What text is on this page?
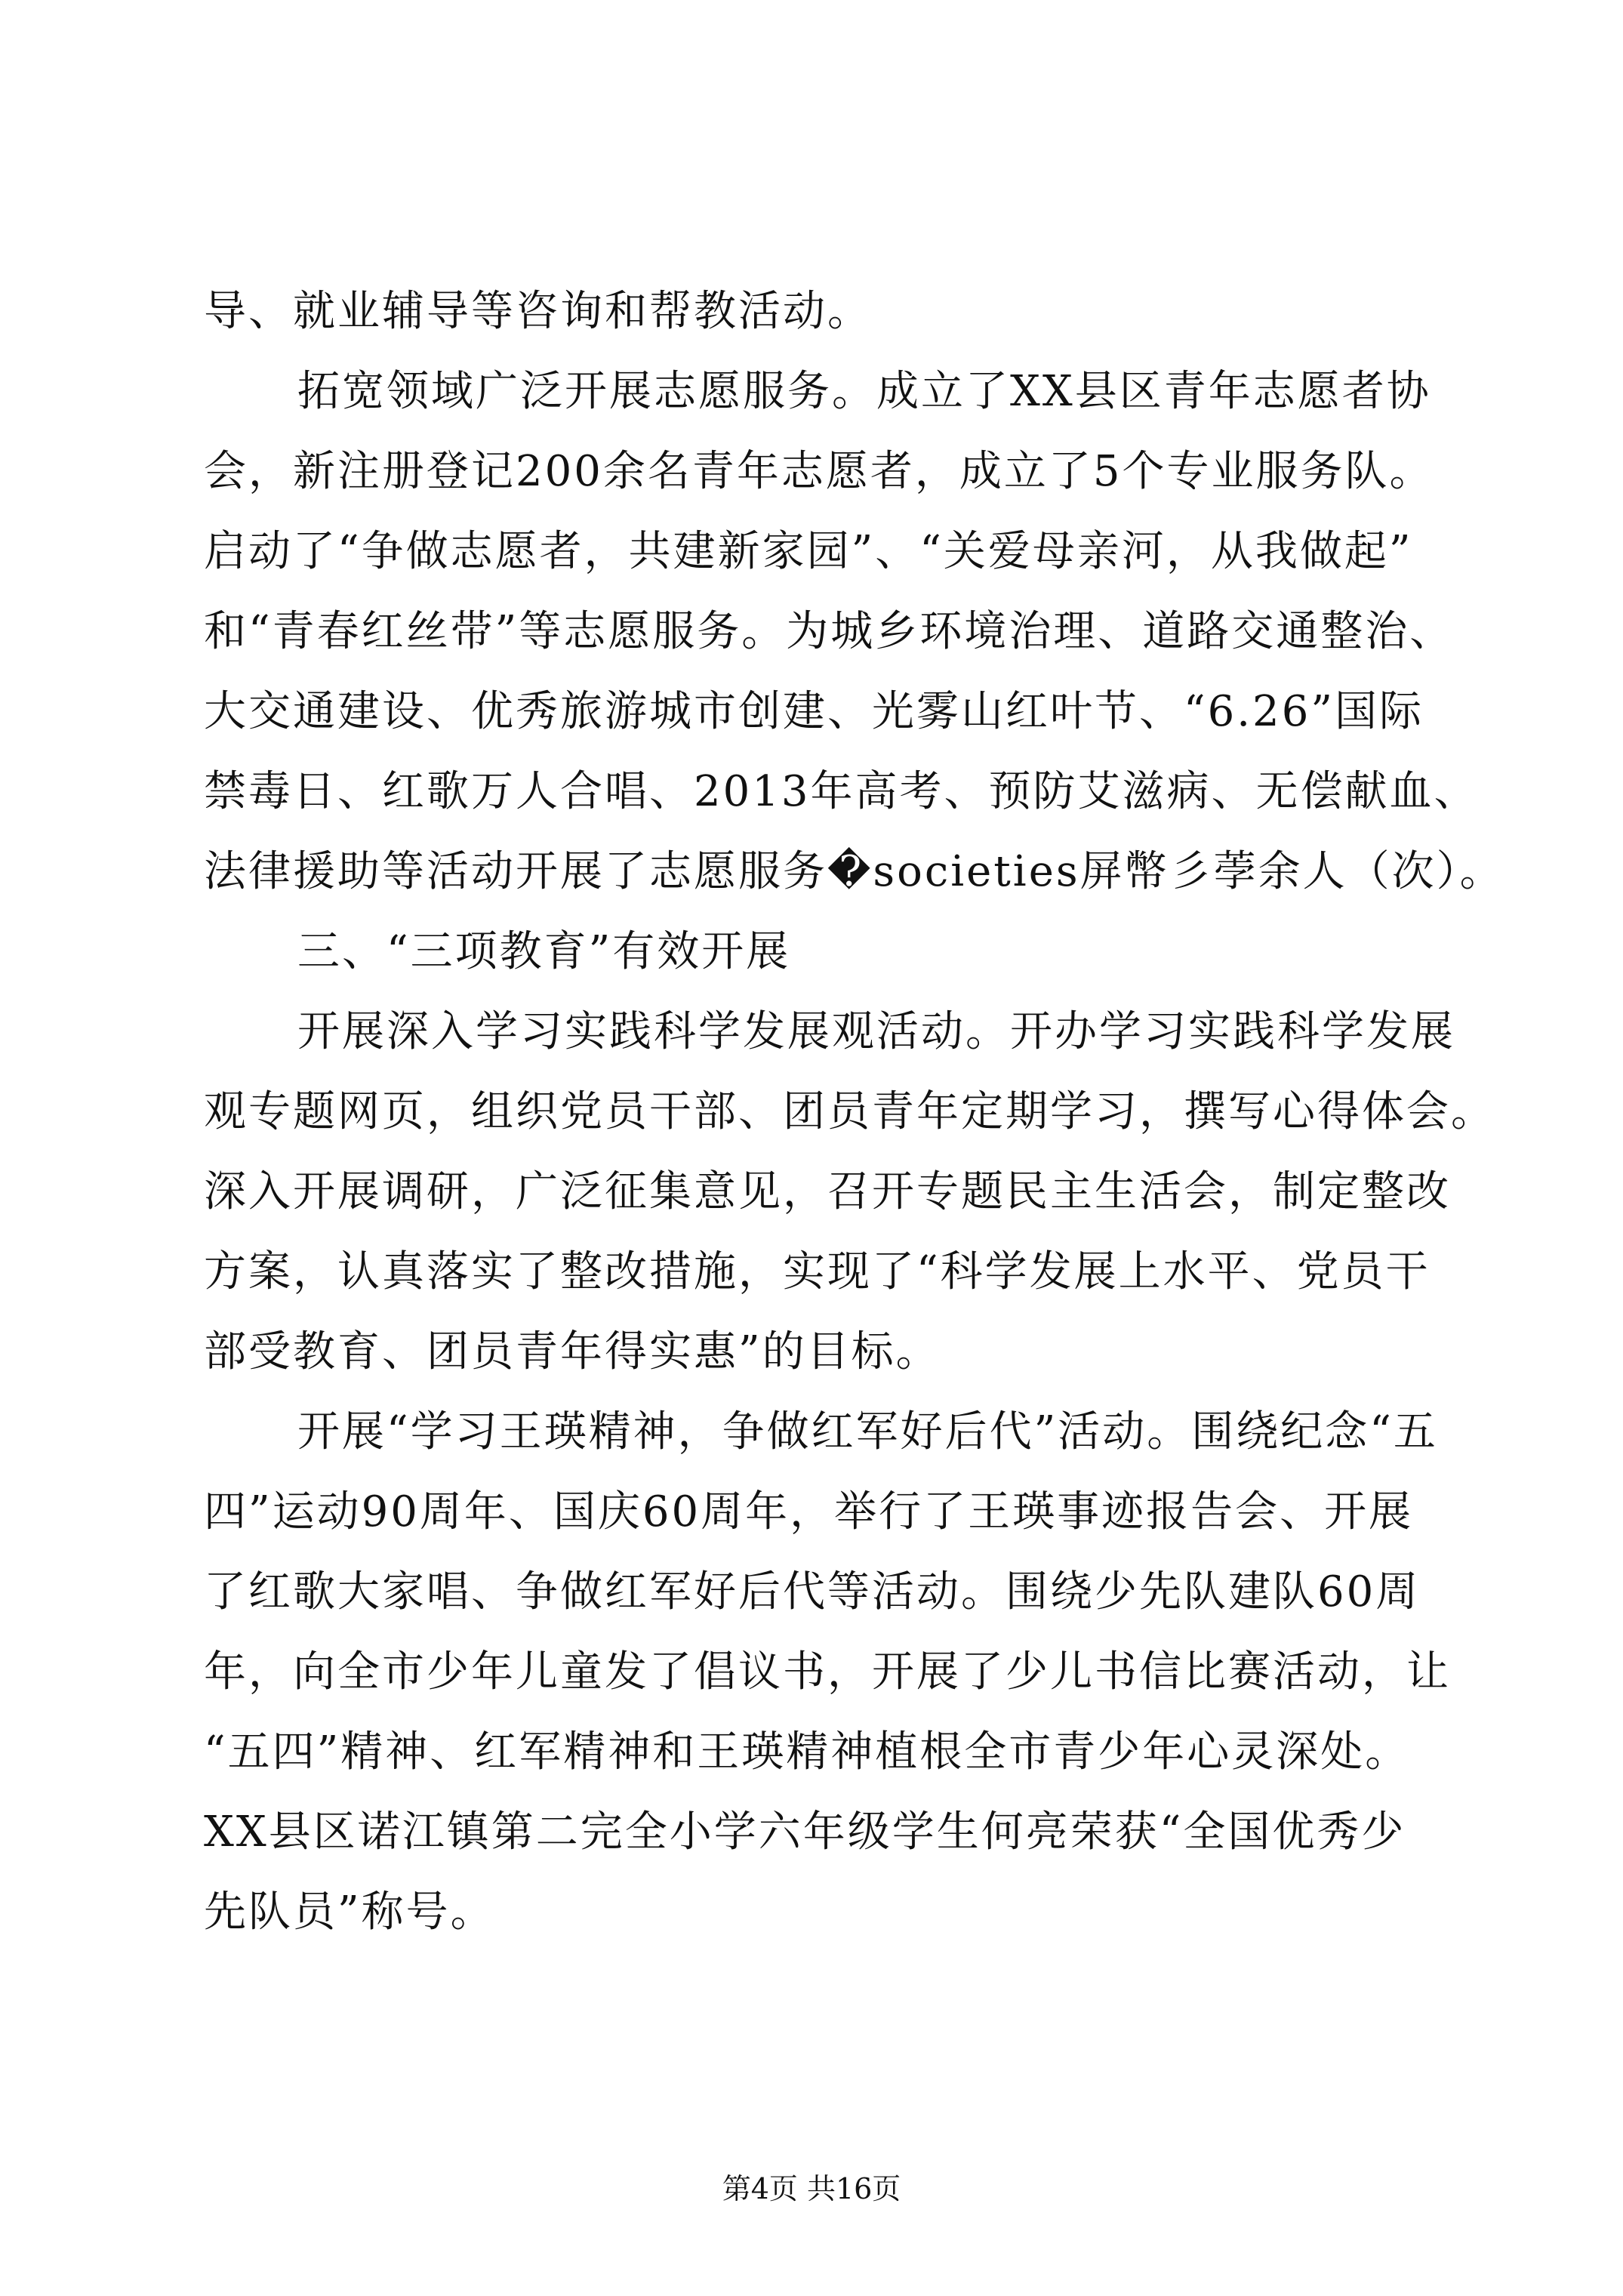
导、就业辅导等咨询和帮教活动。
拓宽领域广泛开展志愿服务。成立了XX县区青年志愿者协
会，新注册登记200余名青年志愿者，成立了5个专业服务队。
启动了“争做志愿者，共建新家园”、“关爱母亲河，从我做起”
和“青春红丝带”等志愿服务。为城乡环境治理、道路交通整治、
大交通建设、优秀旅游城市创建、光雾山红叶节、“6.26”国际
禁毒日、红歌万人合唱、2013年高考、预防艾滋病、无偿献血、
法律援助等活动开展了志愿服务�societies屏幣彡荸余人（次）。
三、“三项教育”有效开展
开展深入学习实践科学发展观活动。开办学习实践科学发展
观专题网页，组织党员干部、团员青年定期学习，撰写心得体会。
深入开展调研，广泛征集意见，召开专题民主生活会，制定整改
方案，认真落实了整改措施，实现了“科学发展上水平、党员干
部受教育、团员青年得实惠”的目标。
开展“学习王瑛精神，争做红军好后代”活动。围绕纪念“五
四”运动90周年、国庆60周年，举行了王瑛事迹报告会、开展
了红歌大家唱、争做红军好后代等活动。围绕少先队建队60周
年，向全市少年儿童发了倡议书，开展了少儿书信比赛活动，让
“五四”精神、红军精神和王瑛精神植根全市青少年心灵深处。
XX县区诺江镇第二完全小学六年级学生何亮荣获“全国优秀少
先队员”称号。
第4页 共16页
